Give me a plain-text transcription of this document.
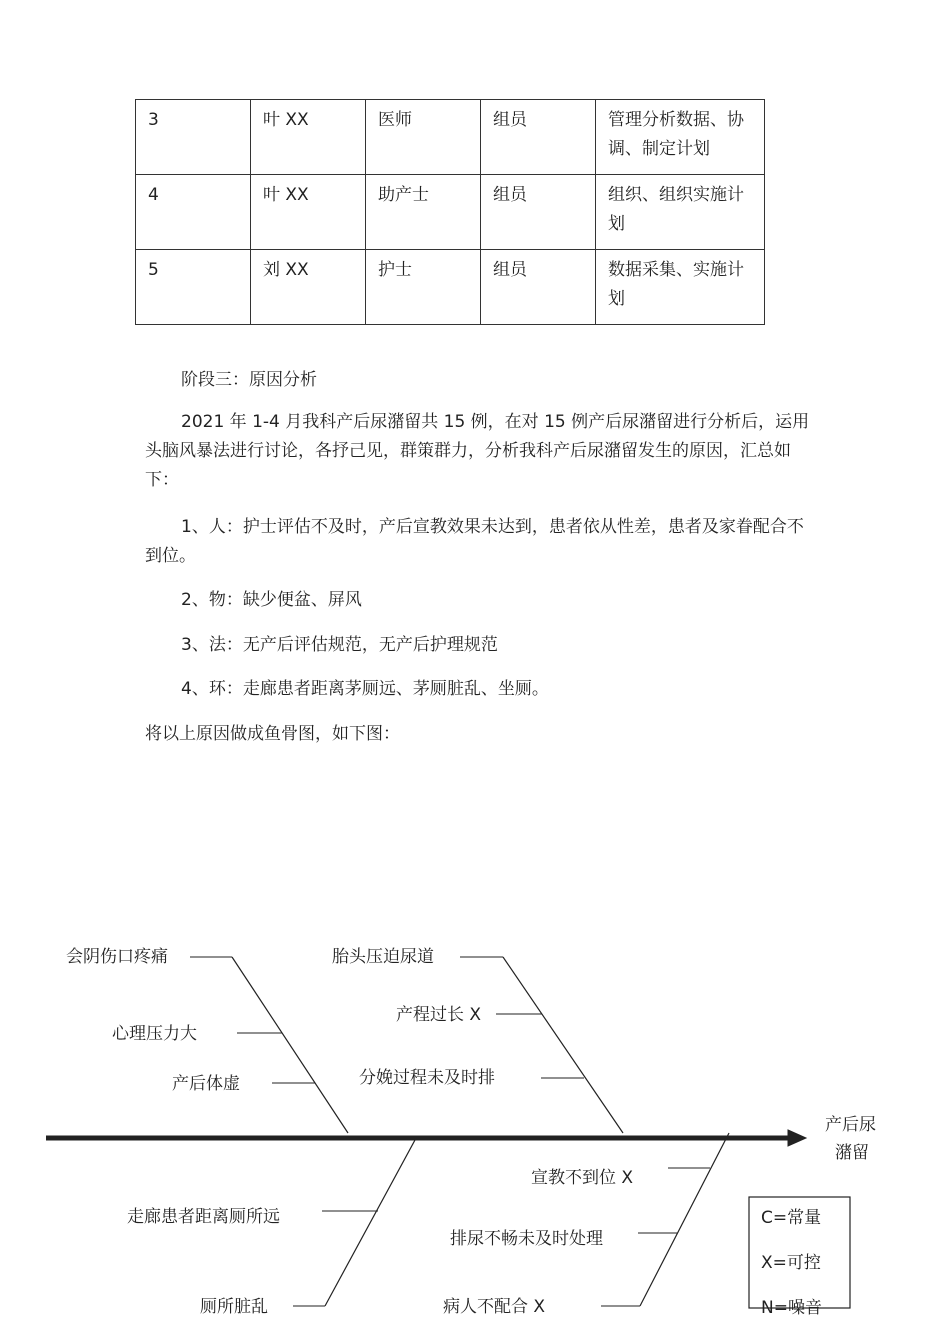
3	叶 XX	医师	组员	管理分析数据、协调、制定计划
4	叶 XX	助产士	组员	组织、组织实施计划
5	刘 XX	护士	组员	数据采集、实施计划

阶段三：原因分析

2021 年 1-4 月我科产后尿潴留共 15 例，在对 15 例产后尿潴留进行分析后，运用头脑风暴法进行讨论，各抒己见，群策群力，分析我科产后尿潴留发生的原因，汇总如下：

1、人：护士评估不及时，产后宣教效果未达到，患者依从性差，患者及家眷配合不到位。

2、物：缺少便盆、屏风

3、法：无产后评估规范，无产后护理规范

4、环：走廊患者距离茅厕远、茅厕脏乱、坐厕。

将以上原因做成鱼骨图，如下图：

产后尿
潴留
会阴伤口疼痛
心理压力大
产后体虚
胎头压迫尿道
产程过长 X
分娩过程未及时排
走廊患者距离厕所远
厕所脏乱
宣教不到位 X
排尿不畅未及时处理
病人不配合 X
C=常量
X=可控
N=噪音
